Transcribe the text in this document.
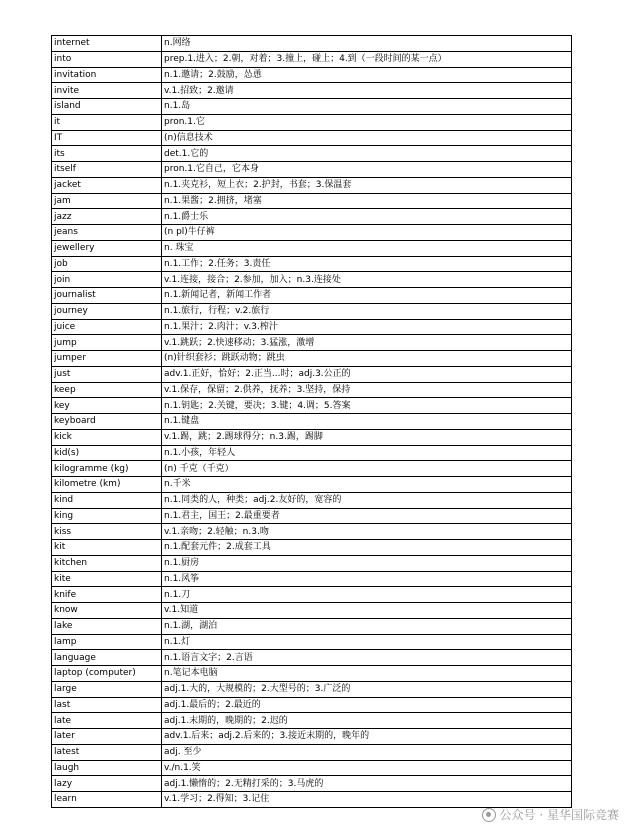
internet	n.网络
into	prep.1.进入；2.朝，对着；3.撞上，碰上；4.到（一段时间的某一点）
invitation	n.1.邀请；2.鼓励，怂恿
invite	v.1.招致；2.邀请
island	n.1.岛
it	pron.1.它
IT	(n)信息技术
its	det.1.它的
itself	pron.1.它自己，它本身
jacket	n.1.夹克衫，短上衣；2.护封，书套；3.保温套
jam	n.1.果酱；2.拥挤，堵塞
jazz	n.1.爵士乐
jeans	(n pl)牛仔裤
jewellery	n. 珠宝
job	n.1.工作；2.任务；3.责任
join	v.1.连接，接合；2.参加，加入；n.3.连接处
journalist	n.1.新闻记者，新闻工作者
journey	n.1.旅行，行程；v.2.旅行
juice	n.1.果汁；2.肉汁；v.3.榨汁
jump	v.1.跳跃；2.快速移动；3.猛涨，激增
jumper	(n)针织套衫；跳跃动物；跳虫
just	adv.1.正好，恰好；2.正当...时；adj.3.公正的
keep	v.1.保存，保留；2.供养，抚养；3.坚持，保持
key	n.1.钥匙；2.关键，要决；3.键；4.调；5.答案
keyboard	n.1.键盘
kick	v.1.踢，跳；2.踢球得分；n.3.踢，踢脚
kid(s)	n.1.小孩，年轻人
kilogramme (kg)	(n) 千克（千克）
kilometre (km)	n.千米
kind	n.1.同类的人，种类；adj.2.友好的，宽容的
king	n.1.君主，国王；2.最重要者
kiss	v.1.亲吻；2.轻触；n.3.吻
kit	n.1.配套元件；2.成套工具
kitchen	n.1.厨房
kite	n.1.风筝
knife	n.1.刀
know	v.1.知道
lake	n.1.湖，湖泊
lamp	n.1.灯
language	n.1.语言文字；2.言语
laptop (computer)	n.笔记本电脑
large	adj.1.大的，大规模的；2.大型号的；3.广泛的
last	adj.1.最后的；2.最近的
late	adj.1.末期的，晚期的；2.迟的
later	adv.1.后来；adj.2.后来的；3.接近末期的，晚年的
latest	adj. 至少
laugh	v./n.1.笑
lazy	adj.1.懒惰的；2.无精打采的；3.马虎的
learn	v.1.学习；2.得知；3.记住
公众号 · 星华国际竞赛
